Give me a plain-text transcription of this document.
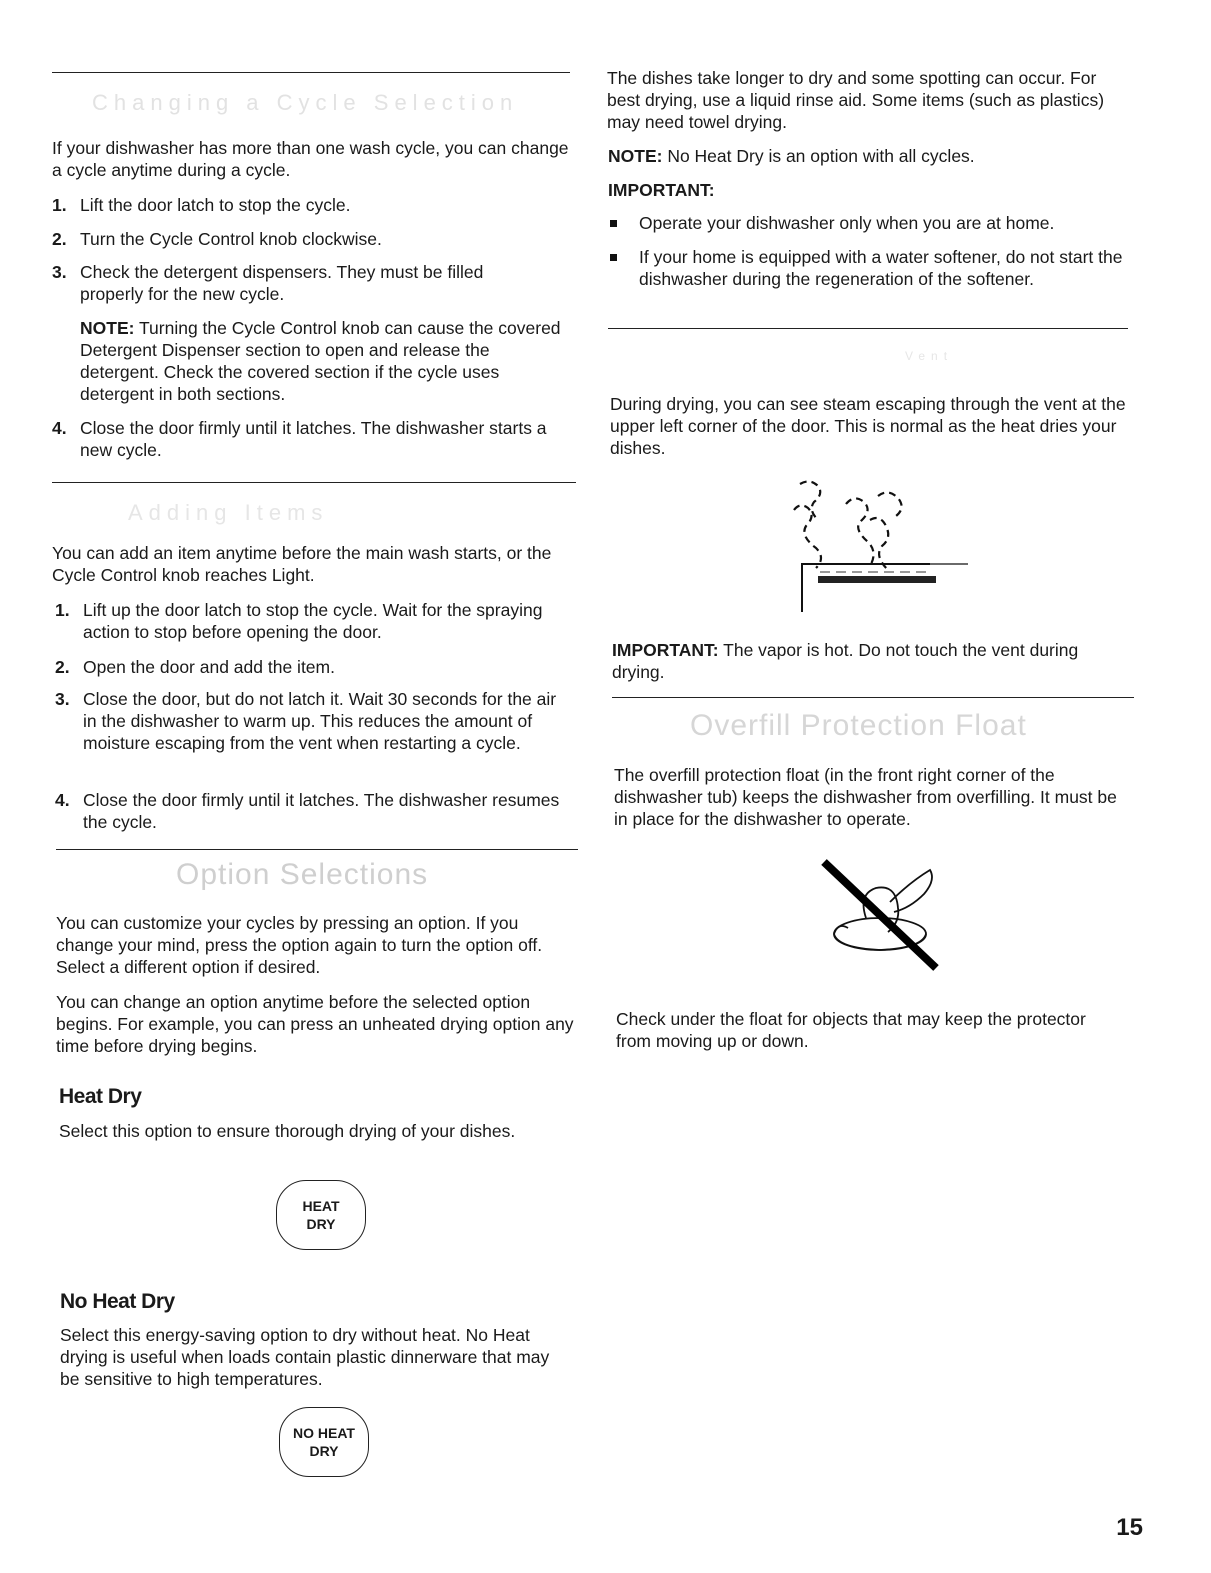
Changing a Cycle Selection

If your dishwasher has more than one wash cycle, you can change a cycle anytime during a cycle.

1. Lift the door latch to stop the cycle.
2. Turn the Cycle Control knob clockwise.
3. Check the detergent dispensers. They must be filled properly for the new cycle.

NOTE: Turning the Cycle Control knob can cause the covered Detergent Dispenser section to open and release the detergent. Check the covered section if the cycle uses detergent in both sections.

4. Close the door firmly until it latches. The dishwasher starts a new cycle.
Adding Items

You can add an item anytime before the main wash starts, or the Cycle Control knob reaches Light.

1. Lift up the door latch to stop the cycle. Wait for the spraying action to stop before opening the door.
2. Open the door and add the item.
3. Close the door, but do not latch it. Wait 30 seconds for the air in the dishwasher to warm up. This reduces the amount of moisture escaping from the vent when restarting a cycle.
4. Close the door firmly until it latches. The dishwasher resumes the cycle.
Option Selections

You can customize your cycles by pressing an option. If you change your mind, press the option again to turn the option off. Select a different option if desired.

You can change an option anytime before the selected option begins. For example, you can press an unheated drying option any time before drying begins.

Heat Dry

Select this option to ensure thorough drying of your dishes.

HEAT
DRY
No Heat Dry

Select this energy-saving option to dry without heat. No Heat drying is useful when loads contain plastic dinnerware that may be sensitive to high temperatures.

NO HEAT
DRY

The dishes take longer to dry and some spotting can occur. For best drying, use a liquid rinse aid. Some items (such as plastics) may need towel drying.

NOTE: No Heat Dry is an option with all cycles.

IMPORTANT:

Operate your dishwasher only when you are at home.
If your home is equipped with a water softener, do not start the dishwasher during the regeneration of the softener.
Vent

During drying, you can see steam escaping through the vent at the upper left corner of the door. This is normal as the heat dries your dishes.

IMPORTANT: The vapor is hot. Do not touch the vent during drying.

Overfill Protection Float

The overfill protection float (in the front right corner of the dishwasher tub) keeps the dishwasher from overfilling. It must be in place for the dishwasher to operate.

Check under the float for objects that may keep the protector from moving up or down.

15
